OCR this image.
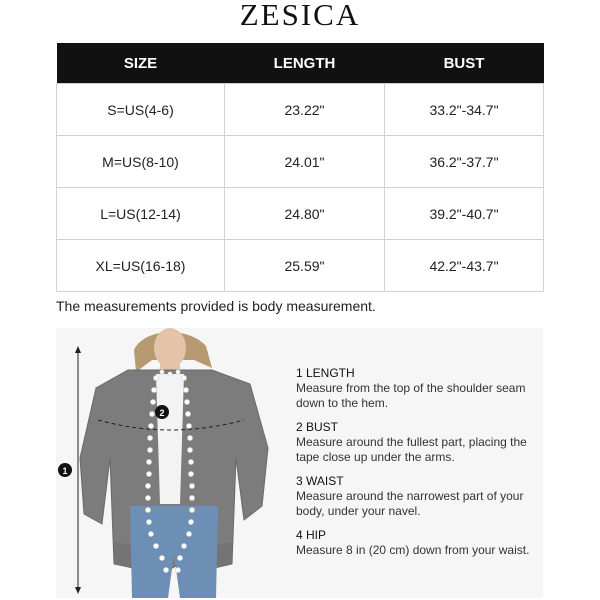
ZESICA
SIZE	LENGTH	BUST
S=US(4-6)	23.22"	33.2"-34.7"
M=US(8-10)	24.01"	36.2"-37.7"
L=US(12-14)	24.80"	39.2"-40.7"
XL=US(16-18)	25.59"	42.2"-43.7"
The measurements provided is body measurement.
1
2
1 LENGTH
Measure from the top of the shoulder seam down to the hem.
2 BUST
Measure around the fullest part, placing the tape close up under the arms.
3 WAIST
Measure around the narrowest part of your body, under your navel.
4 HIP
Measure 8 in (20 cm) down from your waist.
